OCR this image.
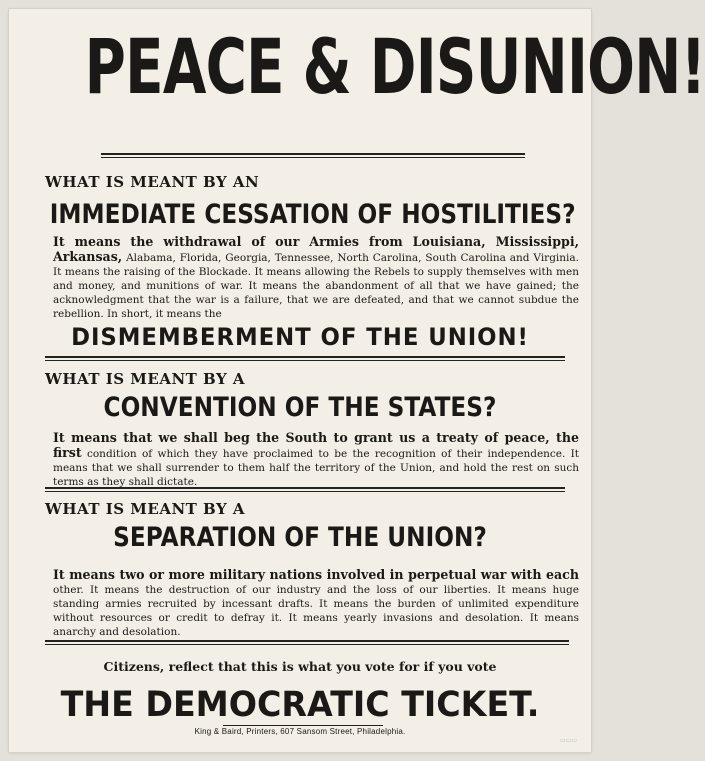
PEACE & DISUNION!
WHAT IS MEANT BY AN
IMMEDIATE CESSATION OF HOSTILITIES?
It means the withdrawal of our Armies from Louisiana, Mississippi, Arkansas, Alabama, Florida, Georgia, Tennessee, North Carolina, South Carolina and Virginia. It means the raising of the Blockade. It means allowing the Rebels to supply themselves with men and money, and munitions of war. It means the abandonment of all that we have gained; the acknowledgment that the war is a failure, that we are defeated, and that we cannot subdue the rebellion. In short, it means the
DISMEMBERMENT OF THE UNION!
WHAT IS MEANT BY A
CONVENTION OF THE STATES?
It means that we shall beg the South to grant us a treaty of peace, the first condition of which they have proclaimed to be the recognition of their independence. It means that we shall surrender to them half the territory of the Union, and hold the rest on such terms as they shall dictate.
WHAT IS MEANT BY A
SEPARATION OF THE UNION?
It means two or more military nations involved in perpetual war with each other. It means the destruction of our industry and the loss of our liberties. It means huge standing armies recruited by incessant drafts. It means the burden of unlimited expenditure without resources or credit to defray it. It means yearly invasions and desolation. It means anarchy and desolation.
Citizens, reflect that this is what you vote for if you vote
THE DEMOCRATIC TICKET.
King & Baird, Printers, 607 Sansom Street, Philadelphia.
▭▭▭
